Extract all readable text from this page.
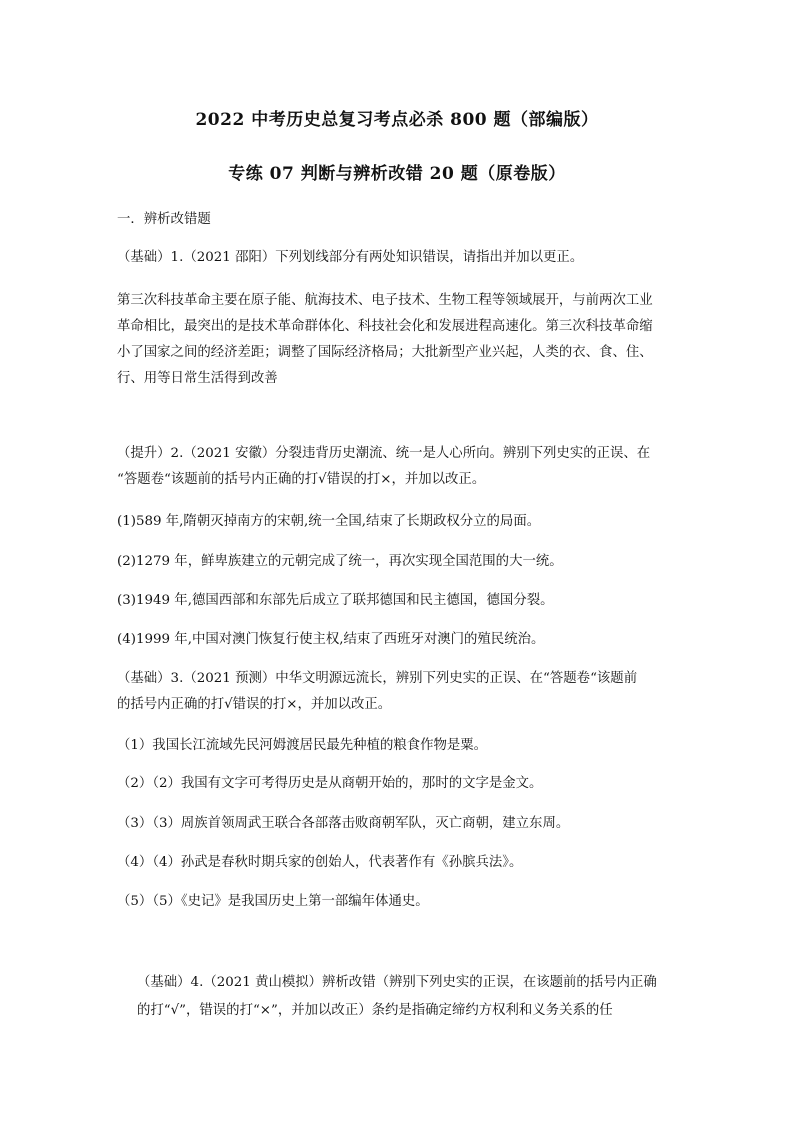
2022 中考历史总复习考点必杀 800 题（部编版）
专练 07 判断与辨析改错 20 题（原卷版）
一．辨析改错题
（基础）1.（2021 邵阳）下列划线部分有两处知识错误，请指出并加以更正。
第三次科技革命主要在原子能、航海技术、电子技术、生物工程等领域展开，与前两次工业
革命相比，最突出的是技术革命群体化、科技社会化和发展进程高速化。第三次科技革命缩
小了国家之间的经济差距；调整了国际经济格局；大批新型产业兴起，人类的衣、食、住、
行、用等日常生活得到改善
（提升）2.（2021 安徽）分裂违背历史潮流、统一是人心所向。辨别下列史实的正误、在
“答题卷“该题前的括号内正确的打√错误的打×，并加以改正。
(1)589 年,隋朝灭掉南方的宋朝,统一全国,结束了长期政权分立的局面。
(2)1279 年，鲜卑族建立的元朝完成了统一，再次实现全国范围的大一统。
(3)1949 年,德国西部和东部先后成立了联邦德国和民主德国，德国分裂。
(4)1999 年,中国对澳门恢复行使主权,结束了西班牙对澳门的殖民统治。
（基础）3.（2021 预测）中华文明源远流长，辨别下列史实的正误、在“答题卷“该题前
的括号内正确的打√错误的打×，并加以改正。
（1）我国长江流域先民河姆渡居民最先种植的粮食作物是粟。
（2）（2）我国有文字可考得历史是从商朝开始的，那时的文字是金文。
（3）（3）周族首领周武王联合各部落击败商朝军队，灭亡商朝，建立东周。
（4）（4）孙武是春秋时期兵家的创始人，代表著作有《孙膑兵法》。
（5）（5）《史记》是我国历史上第一部编年体通史。
（基础）4.（2021 黄山模拟）辨析改错（辨别下列史实的正误，在该题前的括号内正确
的打“√”，错误的打“×”，并加以改正）条约是指确定缔约方权利和义务关系的任
